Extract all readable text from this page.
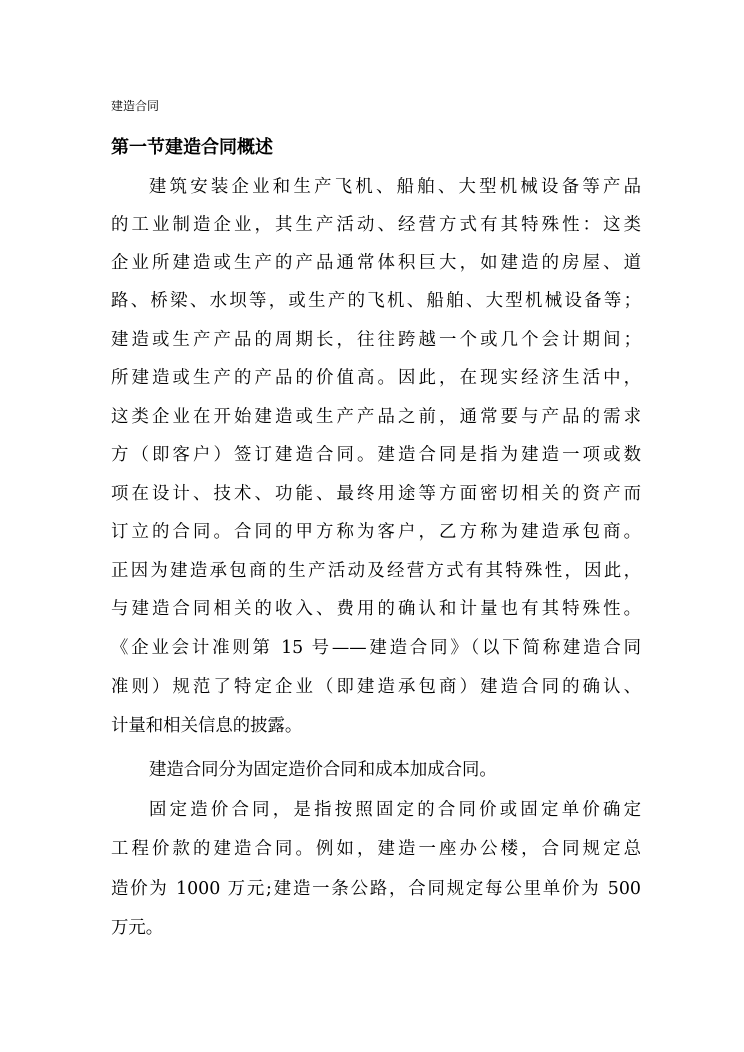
建造合同
第一节建造合同概述

建筑安装企业和生产飞机、船舶、大型机械设备等产品

的工业制造企业，其生产活动、经营方式有其特殊性：这类

企业所建造或生产的产品通常体积巨大，如建造的房屋、道

路、桥梁、水坝等，或生产的飞机、船舶、大型机械设备等；

建造或生产产品的周期长，往往跨越一个或几个会计期间；

所建造或生产的产品的价值高。因此，在现实经济生活中，

这类企业在开始建造或生产产品之前，通常要与产品的需求

方（即客户）签订建造合同。建造合同是指为建造一项或数

项在设计、技术、功能、最终用途等方面密切相关的资产而

订立的合同。合同的甲方称为客户，乙方称为建造承包商。

正因为建造承包商的生产活动及经营方式有其特殊性，因此，

与建造合同相关的收入、费用的确认和计量也有其特殊性。

《企业会计准则第 15 号——建造合同》（以下简称建造合同

准则）规范了特定企业（即建造承包商）建造合同的确认、

计量和相关信息的披露。

建造合同分为固定造价合同和成本加成合同。

固定造价合同，是指按照固定的合同价或固定单价确定

工程价款的建造合同。例如，建造一座办公楼，合同规定总

造价为 1000 万元;建造一条公路，合同规定每公里单价为 500

万元。
